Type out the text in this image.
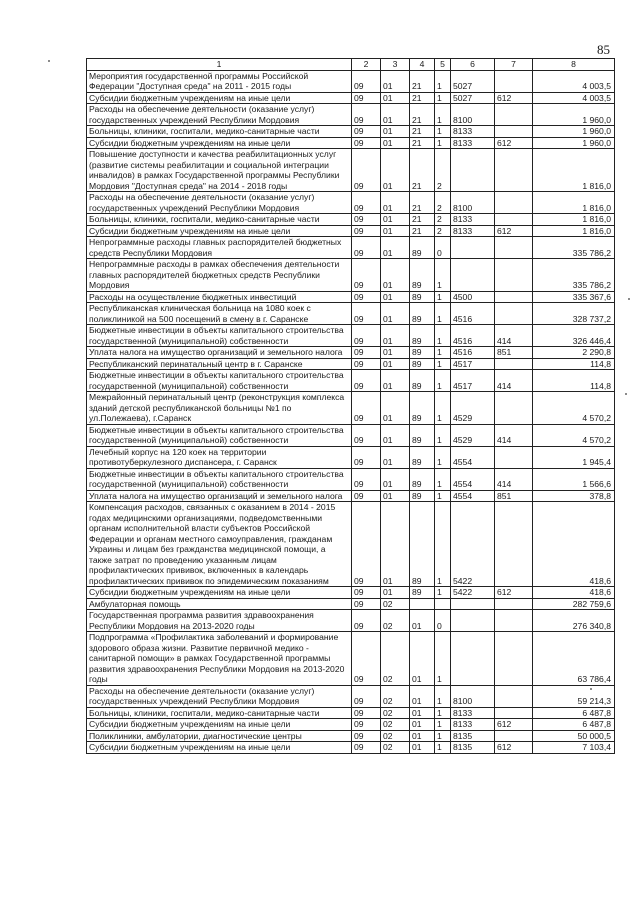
85
1	2	3	4	5	6	7	8
Мероприятия государственной программы Российской Федерации "Доступная среда" на 2011 - 2015 годы	09	01	21	1	5027		4 003,5
Субсидии бюджетным учреждениям на иные цели	09	01	21	1	5027	612	4 003,5
Расходы на обеспечение деятельности (оказание услуг) государственных учреждений Республики Мордовия	09	01	21	1	8100		1 960,0
Больницы, клиники, госпитали, медико-санитарные части	09	01	21	1	8133		1 960,0
Субсидии бюджетным учреждениям на иные цели	09	01	21	1	8133	612	1 960,0
Повышение доступности и качества реабилитационных услуг (развитие системы реабилитации и социальной интеграции инвалидов) в рамках Государственной программы Республики Мордовия "Доступная среда" на 2014 - 2018 годы	09	01	21	2			1 816,0
Расходы на обеспечение деятельности (оказание услуг) государственных учреждений Республики Мордовия	09	01	21	2	8100		1 816,0
Больницы, клиники, госпитали, медико-санитарные части	09	01	21	2	8133		1 816,0
Субсидии бюджетным учреждениям на иные цели	09	01	21	2	8133	612	1 816,0
Непрограммные расходы главных распорядителей бюджетных средств Республики Мордовия	09	01	89	0			335 786,2
Непрограммные расходы в рамках обеспечения деятельности главных распорядителей бюджетных средств Республики Мордовия	09	01	89	1			335 786,2
Расходы на осуществление бюджетных инвестиций	09	01	89	1	4500		335 367,6
Республиканская клиническая больница на 1080 коек с поликлиникой на 500 посещений в смену в г. Саранске	09	01	89	1	4516		328 737,2
Бюджетные инвестиции в объекты капитального строительства государственной (муниципальной) собственности	09	01	89	1	4516	414	326 446,4
Уплата налога на имущество организаций и земельного налога	09	01	89	1	4516	851	2 290,8
Республиканский перинатальный центр в г. Саранске	09	01	89	1	4517		114,8
Бюджетные инвестиции в объекты капитального строительства государственной (муниципальной) собственности	09	01	89	1	4517	414	114,8
Межрайонный перинатальный центр (реконструкция комплекса зданий детской республиканской больницы №1 по ул.Полежаева), г.Саранск	09	01	89	1	4529		4 570,2
Бюджетные инвестиции в объекты капитального строительства государственной (муниципальной) собственности	09	01	89	1	4529	414	4 570,2
Лечебный корпус на 120 коек на территории противотуберкулезного диспансера, г. Саранск	09	01	89	1	4554		1 945,4
Бюджетные инвестиции в объекты капитального строительства государственной (муниципальной) собственности	09	01	89	1	4554	414	1 566,6
Уплата налога на имущество организаций и земельного налога	09	01	89	1	4554	851	378,8
Компенсация расходов, связанных с оказанием в 2014 - 2015 годах медицинскими организациями, подведомственными органам исполнительной власти субъектов Российской Федерации и органам местного самоуправления, гражданам Украины и лицам без гражданства медицинской помощи, а также затрат по проведению указанным лицам профилактических прививок, включенных в календарь профилактических прививок по эпидемическим показаниям	09	01	89	1	5422		418,6
Субсидии бюджетным учреждениям на иные цели	09	01	89	1	5422	612	418,6
Амбулаторная помощь	09	02					282 759,6
Государственная программа развития здравоохранения Республики Мордовия на 2013-2020 годы	09	02	01	0			276 340,8
Подпрограмма «Профилактика заболеваний и формирование здорового образа жизни. Развитие первичной медико - санитарной помощи» в рамках Государственной программы развития здравоохранения Республики Мордовия на 2013-2020 годы	09	02	01	1			63 786,4
Расходы на обеспечение деятельности (оказание услуг) государственных учреждений Республики Мордовия	09	02	01	1	8100		59 214,3
Больницы, клиники, госпитали, медико-санитарные части	09	02	01	1	8133		6 487,8
Субсидии бюджетным учреждениям на иные цели	09	02	01	1	8133	612	6 487,8
Поликлиники, амбулатории, диагностические центры	09	02	01	1	8135		50 000,5
Субсидии бюджетным учреждениям на иные цели	09	02	01	1	8135	612	7 103,4
